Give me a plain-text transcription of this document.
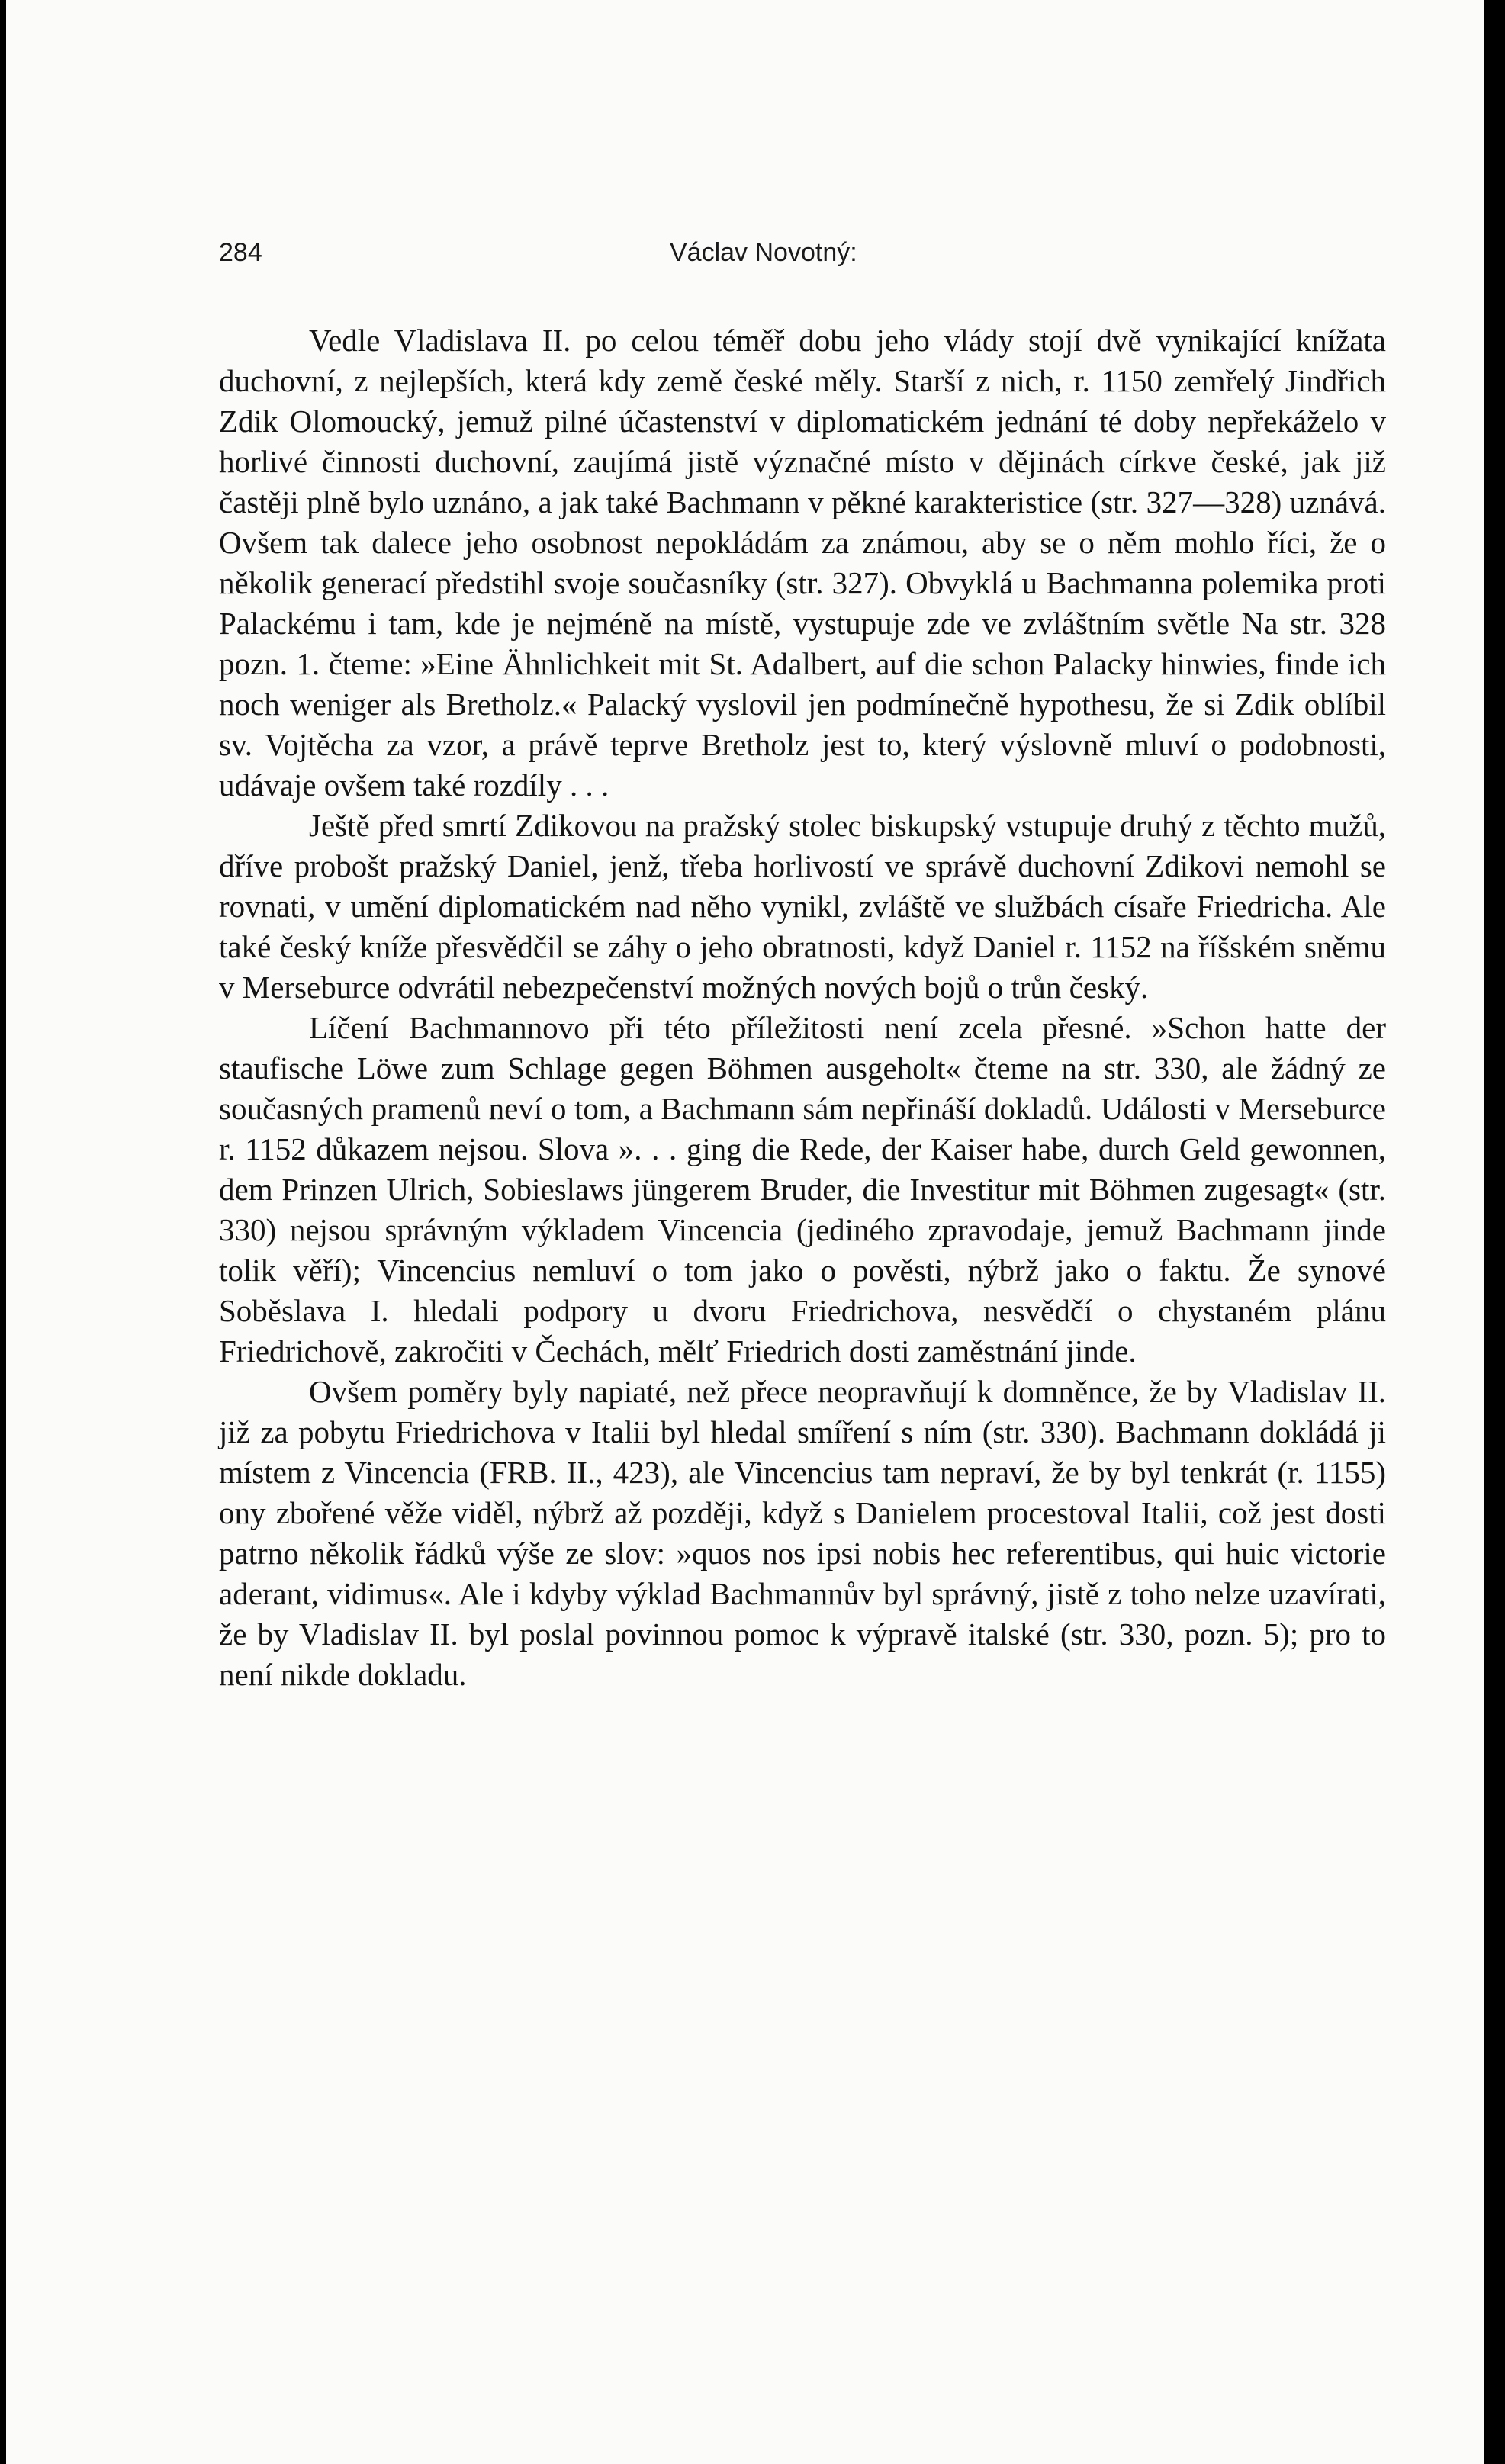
284	Václav Novotný:

Vedle Vladislava II. po celou téměř dobu jeho vlády stojí dvě vynikající knížata duchovní, z nejlepších, která kdy země české měly. Starší z nich, r. 1150 zemřelý Jindřich Zdik Olomoucký, jemuž pilné účastenství v diplomatickém jednání té doby nepřekáželo v horlivé činnosti duchovní, zaujímá jistě význačné místo v dějinách církve české, jak již častěji plně bylo uznáno, a jak také Bachmann v pěkné karakteristice (str. 327—328) uznává. Ovšem tak dalece jeho osobnost nepokládám za známou, aby se o něm mohlo říci, že o několik generací předstihl svoje současníky (str. 327). Obvyklá u Bachmanna polemika proti Palackému i tam, kde je nejméně na místě, vystupuje zde ve zvláštním světle Na str. 328 pozn. 1. čteme: »Eine Ähnlichkeit mit St. Adalbert, auf die schon Palacky hinwies, finde ich noch weniger als Bretholz.« Palacký vyslovil jen podmínečně hypothesu, že si Zdik oblíbil sv. Vojtěcha za vzor, a právě teprve Bretholz jest to, který výslovně mluví o podobnosti, udávaje ovšem také rozdíly . . .

Ještě před smrtí Zdikovou na pražský stolec biskupský vstupuje druhý z těchto mužů, dříve probošt pražský Daniel, jenž, třeba horlivostí ve správě duchovní Zdikovi nemohl se rovnati, v umění diplomatickém nad něho vynikl, zvláště ve službách císaře Friedricha. Ale také český kníže přesvědčil se záhy o jeho obratnosti, když Daniel r. 1152 na říšském sněmu v Merseburce odvrátil nebezpečenství možných nových bojů o trůn český.

Líčení Bachmannovo při této příležitosti není zcela přesné. »Schon hatte der staufische Löwe zum Schlage gegen Böhmen ausgeholt« čteme na str. 330, ale žádný ze současných pramenů neví o tom, a Bachmann sám nepřináší dokladů. Události v Merseburce r. 1152 důkazem nejsou. Slova ». . . ging die Rede, der Kaiser habe, durch Geld gewonnen, dem Prinzen Ulrich, Sobieslaws jüngerem Bruder, die Investitur mit Böhmen zugesagt« (str. 330) nejsou správným výkladem Vincencia (jediného zpravodaje, jemuž Bachmann jinde tolik věří); Vincencius nemluví o tom jako o pověsti, nýbrž jako o faktu. Že synové Soběslava I. hledali podpory u dvoru Friedrichova, nesvědčí o chystaném plánu Friedrichově, zakročiti v Čechách, mělť Friedrich dosti zaměstnání jinde.

Ovšem poměry byly napiaté, než přece neopravňují k domněnce, že by Vladislav II. již za pobytu Friedrichova v Italii byl hledal smíření s ním (str. 330). Bachmann dokládá ji místem z Vincencia (FRB. II., 423), ale Vincencius tam nepraví, že by byl tenkrát (r. 1155) ony zbořené věže viděl, nýbrž až později, když s Danielem procestoval Italii, což jest dosti patrno několik řádků výše ze slov: »quos nos ipsi nobis hec referentibus, qui huic victorie aderant, vidimus«. Ale i kdyby výklad Bachmannův byl správný, jistě z toho nelze uzavírati, že by Vladislav II. byl poslal povinnou pomoc k výpravě italské (str. 330, pozn. 5); pro to není nikde dokladu.
